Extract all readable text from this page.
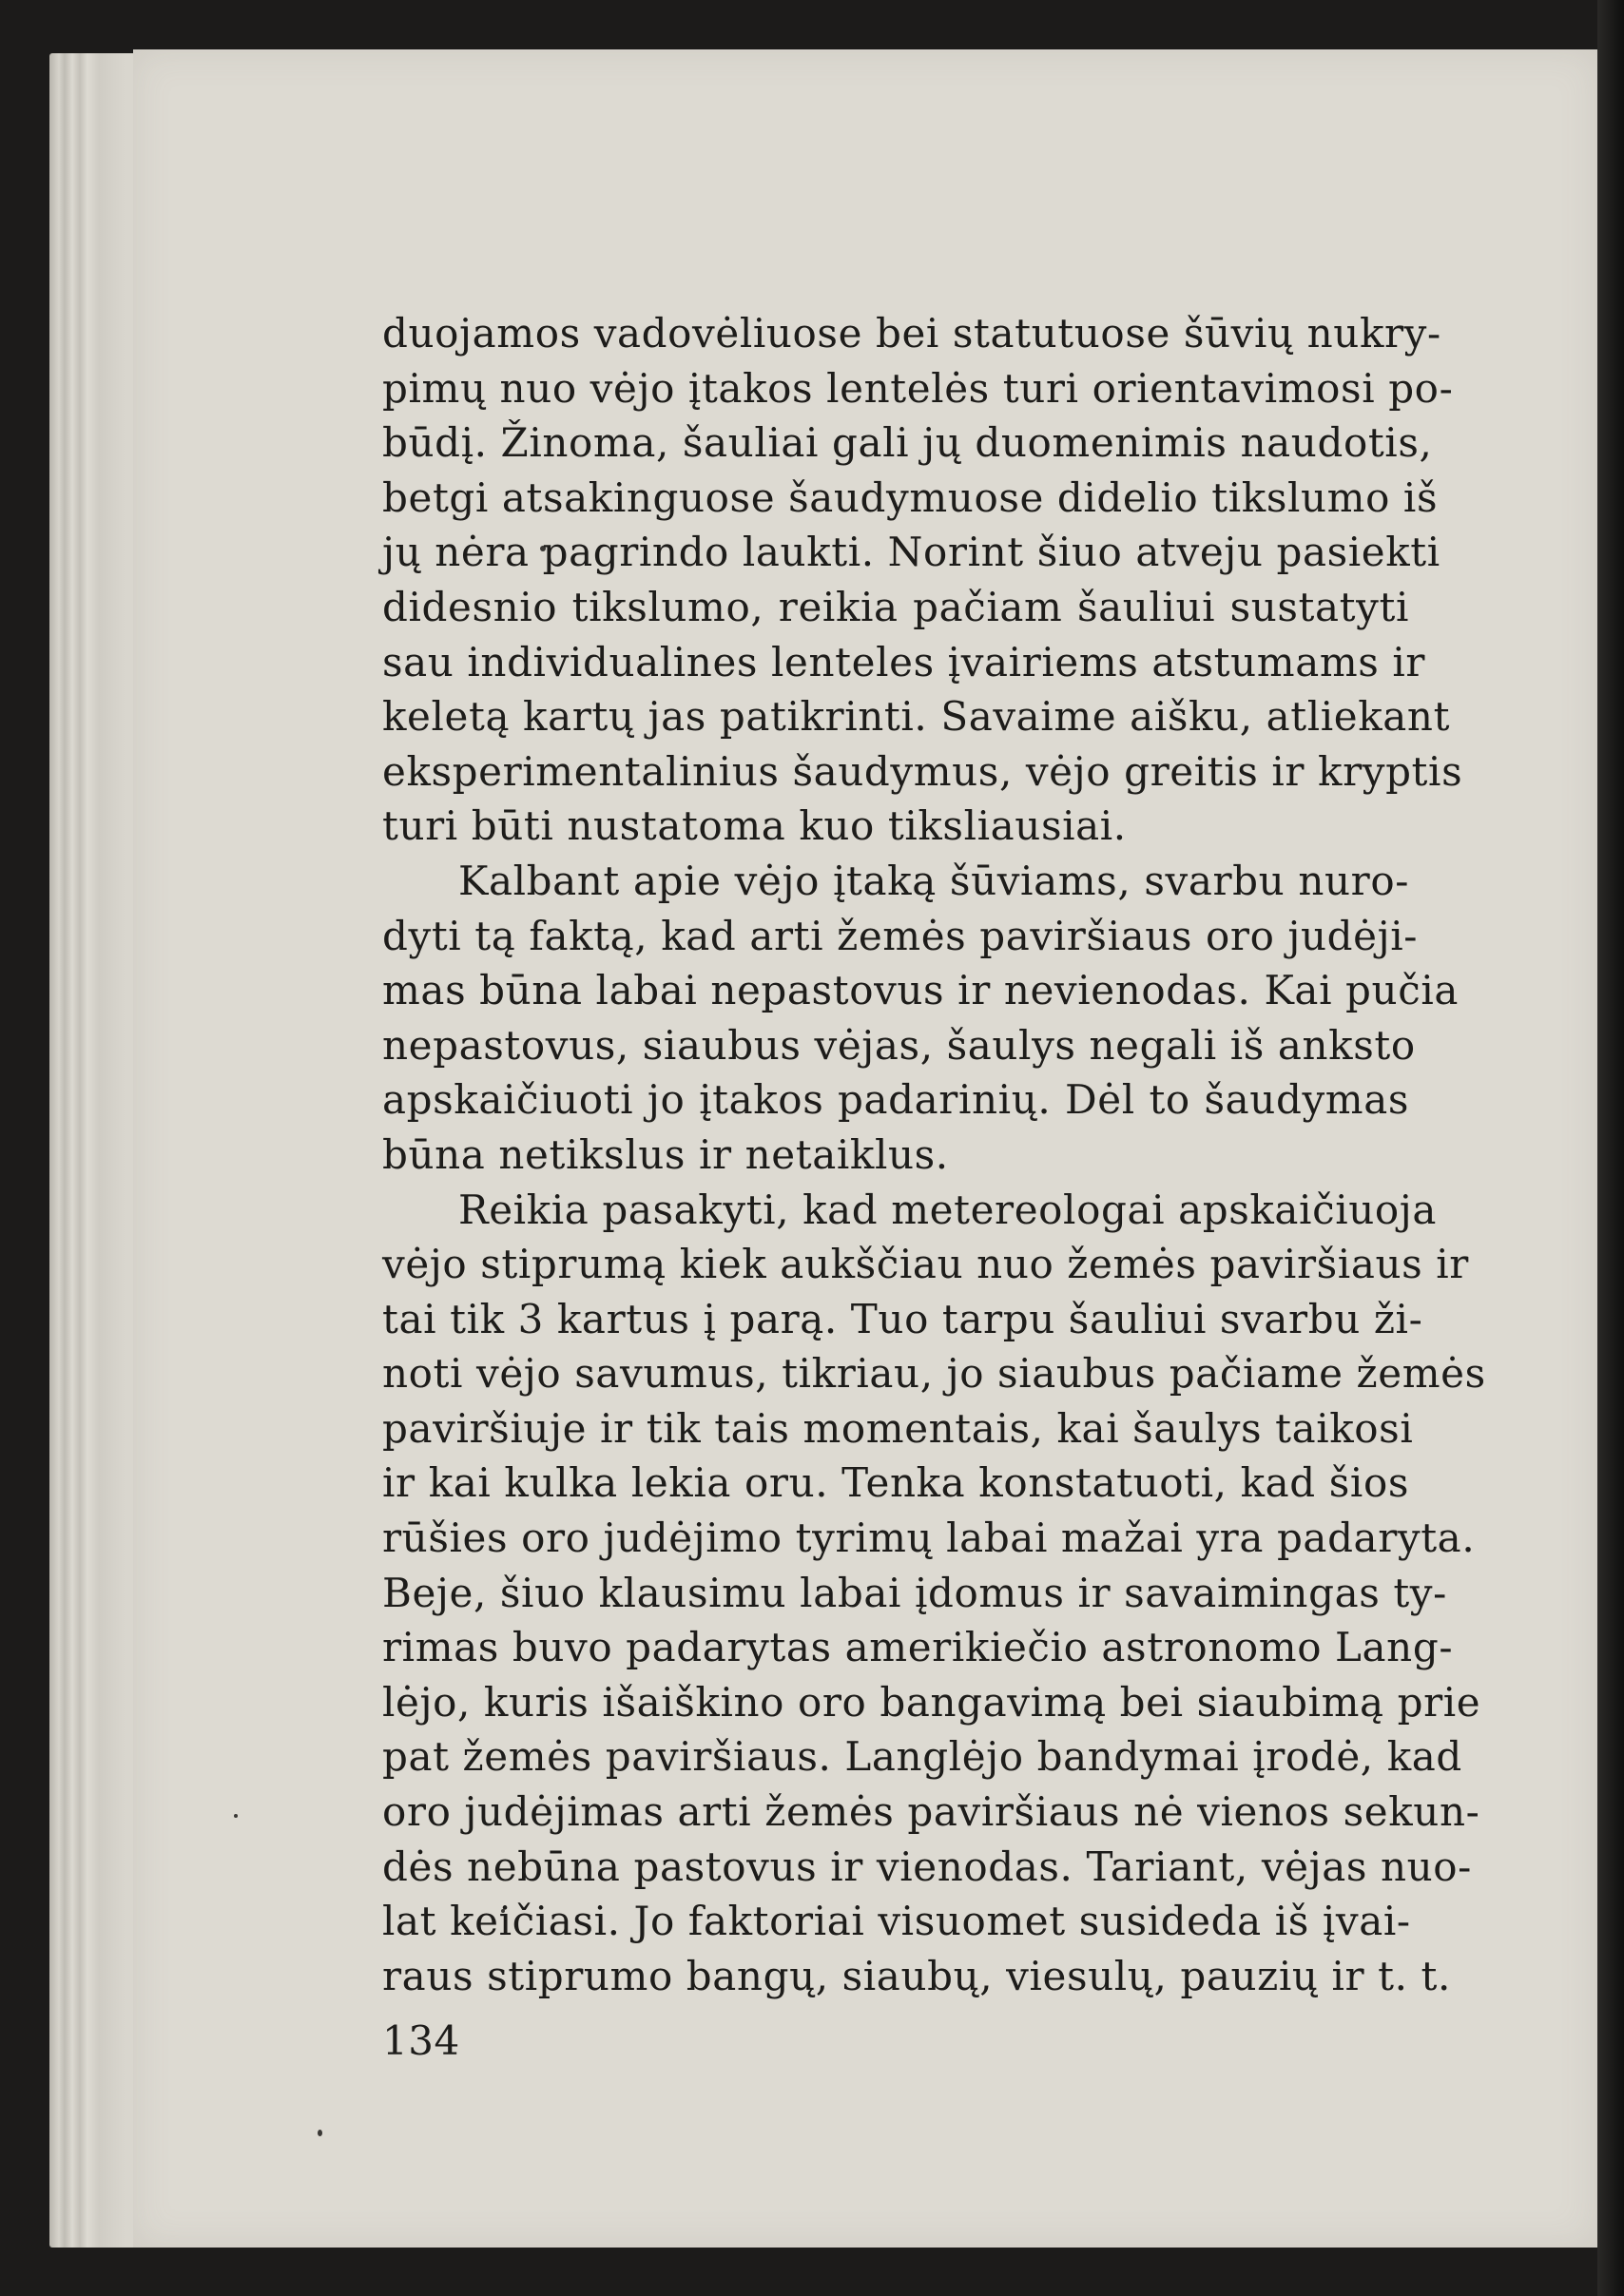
duojamos vadovėliuose bei statutuose šūvių nukry-
pimų nuo vėjo įtakos lentelės turi orientavimosi po-
būdį. Žinoma, šauliai gali jų duomenimis naudotis,
betgi atsakinguose šaudymuose didelio tikslumo iš
jų nėra pagrindo laukti. Norint šiuo atveju pasiekti
didesnio tikslumo, reikia pačiam šauliui sustatyti
sau individualines lenteles įvairiems atstumams ir
keletą kartų jas patikrinti. Savaime aišku, atliekant
eksperimentalinius šaudymus, vėjo greitis ir kryptis
turi būti nustatoma kuo tiksliausiai.
Kalbant apie vėjo įtaką šūviams, svarbu nuro-
dyti tą faktą, kad arti žemės paviršiaus oro judėji-
mas būna labai nepastovus ir nevienodas. Kai pučia
nepastovus, siaubus vėjas, šaulys negali iš anksto
apskaičiuoti jo įtakos padarinių. Dėl to šaudymas
būna netikslus ir netaiklus.
Reikia pasakyti, kad metereologai apskaičiuoja
vėjo stiprumą kiek aukščiau nuo žemės paviršiaus ir
tai tik 3 kartus į parą. Tuo tarpu šauliui svarbu ži-
noti vėjo savumus, tikriau, jo siaubus pačiame žemės
paviršiuje ir tik tais momentais, kai šaulys taikosi
ir kai kulka lekia oru. Tenka konstatuoti, kad šios
rūšies oro judėjimo tyrimų labai mažai yra padaryta.
Beje, šiuo klausimu labai įdomus ir savaimingas ty-
rimas buvo padarytas amerikiečio astronomo Lang-
lėjo, kuris išaiškino oro bangavimą bei siaubimą prie
pat žemės paviršiaus. Langlėjo bandymai įrodė, kad
oro judėjimas arti žemės paviršiaus nė vienos sekun-
dės nebūna pastovus ir vienodas. Tariant, vėjas nuo-
lat keičiasi. Jo faktoriai visuomet susideda iš įvai-
raus stiprumo bangų, siaubų, viesulų, pauzių ir t. t.
134
